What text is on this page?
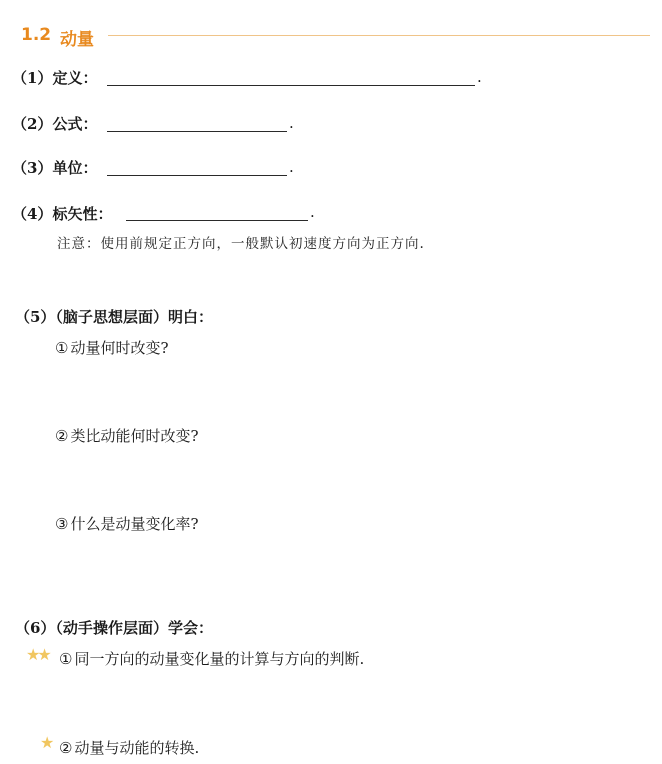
1.2 动量
（1）定义：	.
（2）公式：	.
（3）单位：	.
（4）标矢性：	.
注意：使用前规定正方向，一般默认初速度方向为正方向.
（5）（脑子思想层面）明白：
① 动量何时改变?
② 类比动能何时改变?
③ 什么是动量变化率?
（6）（动手操作层面）学会：
★★ ① 同一方向的动量变化量的计算与方向的判断.
★ ② 动量与动能的转换.
